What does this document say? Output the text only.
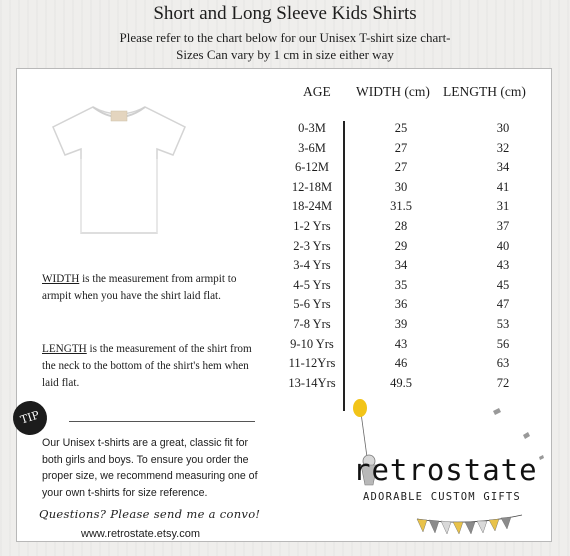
Short and Long Sleeve Kids Shirts
Please refer to the chart below for our Unisex T-shirt size chart-
Sizes Can vary by 1 cm in size either way
WIDTH is the measurement from armpit to armpit when you have the shirt laid flat.
LENGTH is the measurement of the shirt from the neck to the bottom of the shirt's hem when laid flat.
TIP
Our Unisex t-shirts are a great, classic fit for both girls and boys. To ensure you order the proper size, we recommend measuring one of your own t-shirts for size reference.
Questions? Please send me a convo!
www.retrostate.etsy.com
AGE WIDTH (cm) LENGTH (cm)
0-3M	25	30
3-6M	27	32
6-12M	27	34
12-18M	30	41
18-24M	31.5	31
1-2 Yrs	28	37
2-3 Yrs	29	40
3-4 Yrs	34	43
4-5 Yrs	35	45
5-6 Yrs	36	47
7-8 Yrs	39	53
9-10 Yrs	43	56
11-12Yrs	46	63
13-14Yrs	49.5	72
retrostate
ADORABLE CUSTOM GIFTS
